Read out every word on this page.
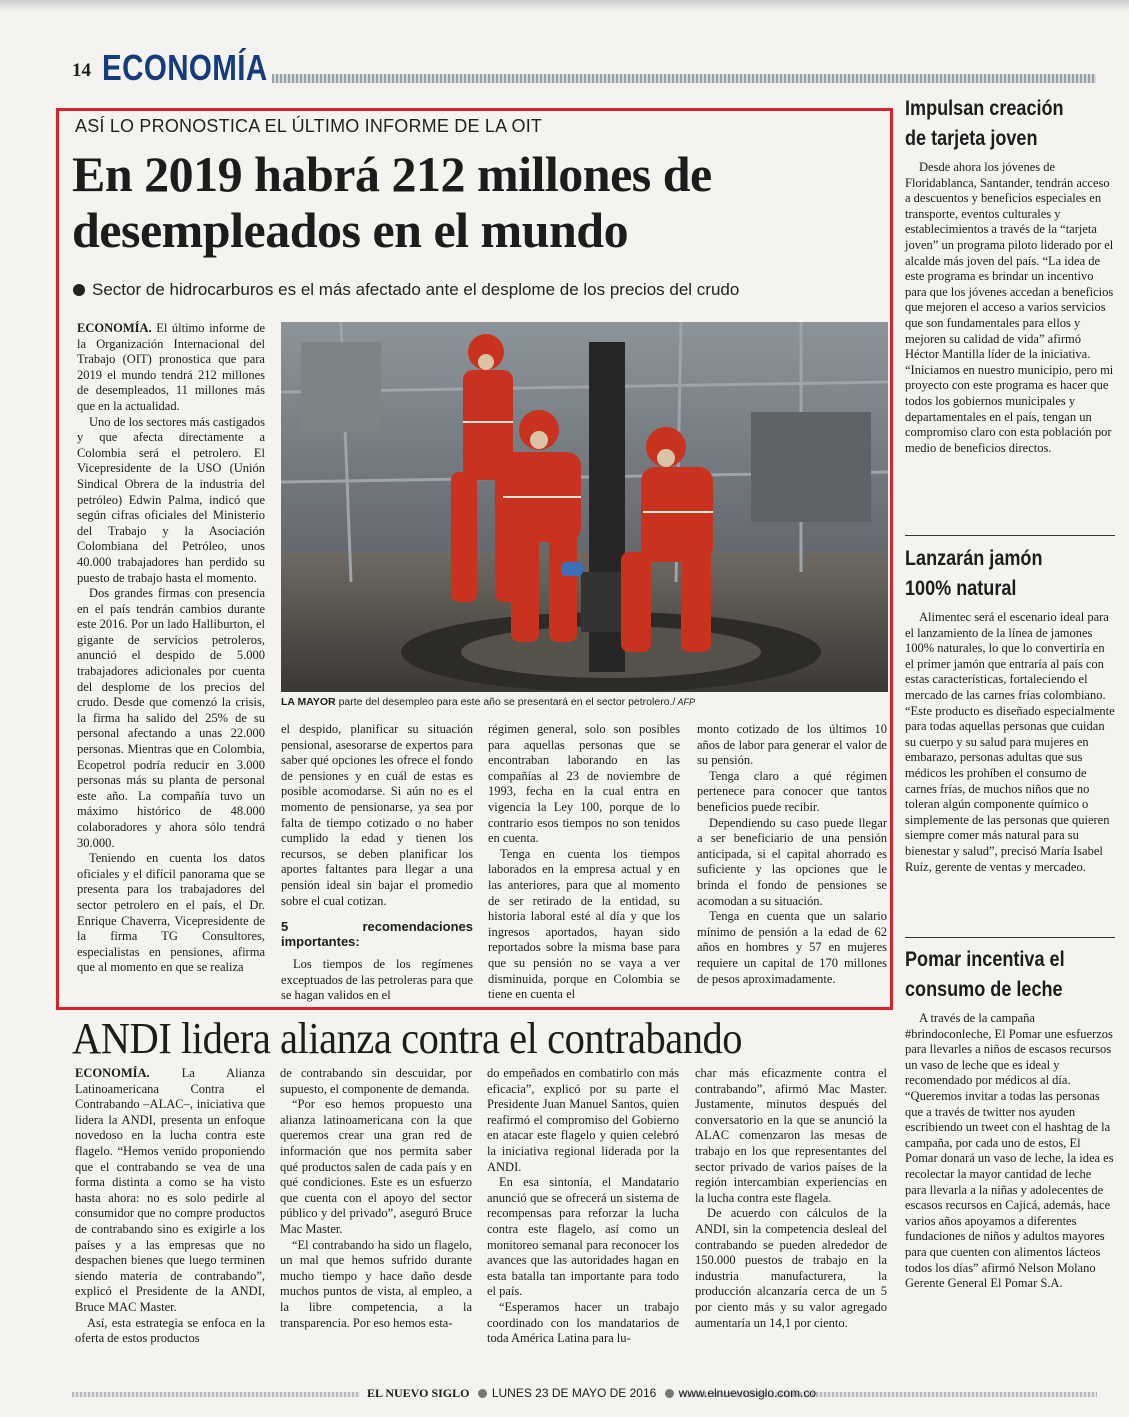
14 ECONOMÍA
ASÍ LO PRONOSTICA EL ÚLTIMO INFORME DE LA OIT
En 2019 habrá 212 millones de
desempleados en el mundo
Sector de hidrocarburos es el más afectado ante el desplome de los precios del crudo

ECONOMÍA. El último informe de la Organización Internacional del Trabajo (OIT) pronostica que para 2019 el mundo tendrá 212 millones de desempleados, 11 millones más que en la actualidad.

Uno de los sectores más castigados y que afecta directamente a Colombia será el petrolero. El Vicepresidente de la USO (Unión Sindical Obrera de la industria del petróleo) Edwin Palma, indicó que según cifras oficiales del Ministerio del Trabajo y la Asociación Colombiana del Petróleo, unos 40.000 trabajadores han perdido su puesto de trabajo hasta el momento.

Dos grandes firmas con presencia en el país tendrán cambios durante este 2016. Por un lado Halliburton, el gigante de servicios petroleros, anunció el despido de 5.000 trabajadores adicionales por cuenta del desplome de los precios del crudo. Desde que comenzó la crisis, la firma ha salido del 25% de su personal afectando a unas 22.000 personas. Mientras que en Colombia, Ecopetrol podría reducir en 3.000 personas más su planta de personal este año. La compañía tuvo un máximo histórico de 48.000 colaboradores y ahora sólo tendrá 30.000.

Teniendo en cuenta los datos oficiales y el difícil panorama que se presenta para los trabajadores del sector petrolero en el país, el Dr. Enrique Chaverra, Vicepresidente de la firma TG Consultores, especialistas en pensiones, afirma que al momento en que se realiza

LA MAYOR parte del desempleo para este año se presentará en el sector petrolero./ AFP

el despido, planificar su situación pensional, asesorarse de expertos para saber qué opciones les ofrece el fondo de pensiones y en cuál de estas es posible acomodarse. Si aún no es el momento de pensionarse, ya sea por falta de tiempo cotizado o no haber cumplido la edad y tienen los recursos, se deben planificar los aportes faltantes para llegar a una pensión ideal sin bajar el promedio sobre el cual cotizan.

5 recomendaciones importantes:

Los tiempos de los regímenes exceptuados de las petroleras para que se hagan validos en el

régimen general, solo son posibles para aquellas personas que se encontraban laborando en las compañías al 23 de noviembre de 1993, fecha en la cual entra en vigencia la Ley 100, porque de lo contrario esos tiempos no son tenidos en cuenta.

Tenga en cuenta los tiempos laborados en la empresa actual y en las anteriores, para que al momento de ser retirado de la entidad, su historia laboral esté al día y que los ingresos aportados, hayan sido reportados sobre la misma base para que su pensión no se vaya a ver disminuida, porque en Colombia se tiene en cuenta el

monto cotizado de los últimos 10 años de labor para generar el valor de su pensión.

Tenga claro a qué régimen pertenece para conocer que tantos beneficios puede recibir.

Dependiendo su caso puede llegar a ser beneficiario de una pensión anticipada, si el capital ahorrado es suficiente y las opciones que le brinda el fondo de pensiones se acomodan a su situación.

Tenga en cuenta que un salario mínimo de pensión a la edad de 62 años en hombres y 57 en mujeres requiere un capital de 170 millones de pesos aproximadamente.

Impulsan creación
de tarjeta joven

Desde ahora los jóvenes de Floridablanca, Santander, tendrán acceso a descuentos y beneficios especiales en transporte, eventos culturales y establecimientos a través de la “tarjeta joven” un programa piloto liderado por el alcalde más joven del país. “La idea de este programa es brindar un incentivo para que los jóvenes accedan a beneficios que mejoren el acceso a varios servicios que son fundamentales para ellos y mejoren su calidad de vida” afirmó Héctor Mantilla líder de la iniciativa. “Iniciamos en nuestro municipio, pero mi proyecto con este programa es hacer que todos los gobiernos municipales y departamentales en el país, tengan un compromiso claro con esta población por medio de beneficios directos.

Lanzarán jamón
100% natural

Alimentec será el escenario ideal para el lanzamiento de la línea de jamones 100% naturales, lo que lo convertiría en el primer jamón que entraría al país con estas características, fortaleciendo el mercado de las carnes frías colombiano. “Este producto es diseñado especialmente para todas aquellas personas que cuidan su cuerpo y su salud para mujeres en embarazo, personas adultas que sus médicos les prohíben el consumo de carnes frías, de muchos niños que no toleran algún componente químico o simplemente de las personas que quieren siempre comer más natural para su bienestar y salud”, precisó María Isabel Ruíz, gerente de ventas y mercadeo.

Pomar incentiva el
consumo de leche

A través de la campaña #brindoconleche, El Pomar une esfuerzos para llevarles a niños de escasos recursos un vaso de leche que es ideal y recomendado por médicos al día. “Queremos invitar a todas las personas que a través de twitter nos ayuden escribiendo un tweet con el hashtag de la campaña, por cada uno de estos, El Pomar donará un vaso de leche, la idea es recolectar la mayor cantidad de leche para llevarla a la niñas y adolecentes de escasos recursos en Cajicá, además, hace varios años apoyamos a diferentes fundaciones de niños y adultos mayores para que cuenten con alimentos lácteos todos los días” afirmó Nelson Molano Gerente General El Pomar S.A.

ANDI lidera alianza contra el contrabando

ECONOMÍA. La Alianza Latinoamericana Contra el Contrabando –ALAC–, iniciativa que lidera la ANDI, presenta un enfoque novedoso en la lucha contra este flagelo. “Hemos venido proponiendo que el contrabando se vea de una forma distinta a como se ha visto hasta ahora: no es solo pedirle al consumidor que no compre productos de contrabando sino es exigirle a los países y a las empresas que no despachen bienes que luego terminen siendo materia de contrabando”, explicó el Presidente de la ANDI, Bruce MAC Master.

Así, esta estrategia se enfoca en la oferta de estos productos

de contrabando sin descuidar, por supuesto, el componente de demanda.

“Por eso hemos propuesto una alianza latinoamericana con la que queremos crear una gran red de información que nos permita saber qué productos salen de cada país y en qué condiciones. Este es un esfuerzo que cuenta con el apoyo del sector público y del privado”, aseguró Bruce Mac Master.

“El contrabando ha sido un flagelo, un mal que hemos sufrido durante mucho tiempo y hace daño desde muchos puntos de vista, al empleo, a la libre competencia, a la transparencia. Por eso hemos esta-

do empeñados en combatirlo con más eficacia”, explicó por su parte el Presidente Juan Manuel Santos, quien reafirmó el compromiso del Gobierno en atacar este flagelo y quien celebró la iniciativa regional liderada por la ANDI.

En esa sintonía, el Mandatario anunció que se ofrecerá un sistema de recompensas para reforzar la lucha contra este flagelo, así como un monitoreo semanal para reconocer los avances que las autoridades hagan en esta batalla tan importante para todo el país.

“Esperamos hacer un trabajo coordinado con los mandatarios de toda América Latina para lu-

char más eficazmente contra el contrabando”, afirmó Mac Master. Justamente, minutos después del conversatorio en la que se anunció la ALAC comenzaron las mesas de trabajo en los que representantes del sector privado de varios países de la región intercambian experiencias en la lucha contra este flagela.

De acuerdo con cálculos de la ANDI, sin la competencia desleal del contrabando se pueden alrededor de 150.000 puestos de trabajo en la industria manufacturera, la producción alcanzaría cerca de un 5 por ciento más y su valor agregado aumentaría un 14,1 por ciento.

EL NUEVO SIGLO LUNES 23 DE MAYO DE 2016 www.elnuevosiglo.com.co
